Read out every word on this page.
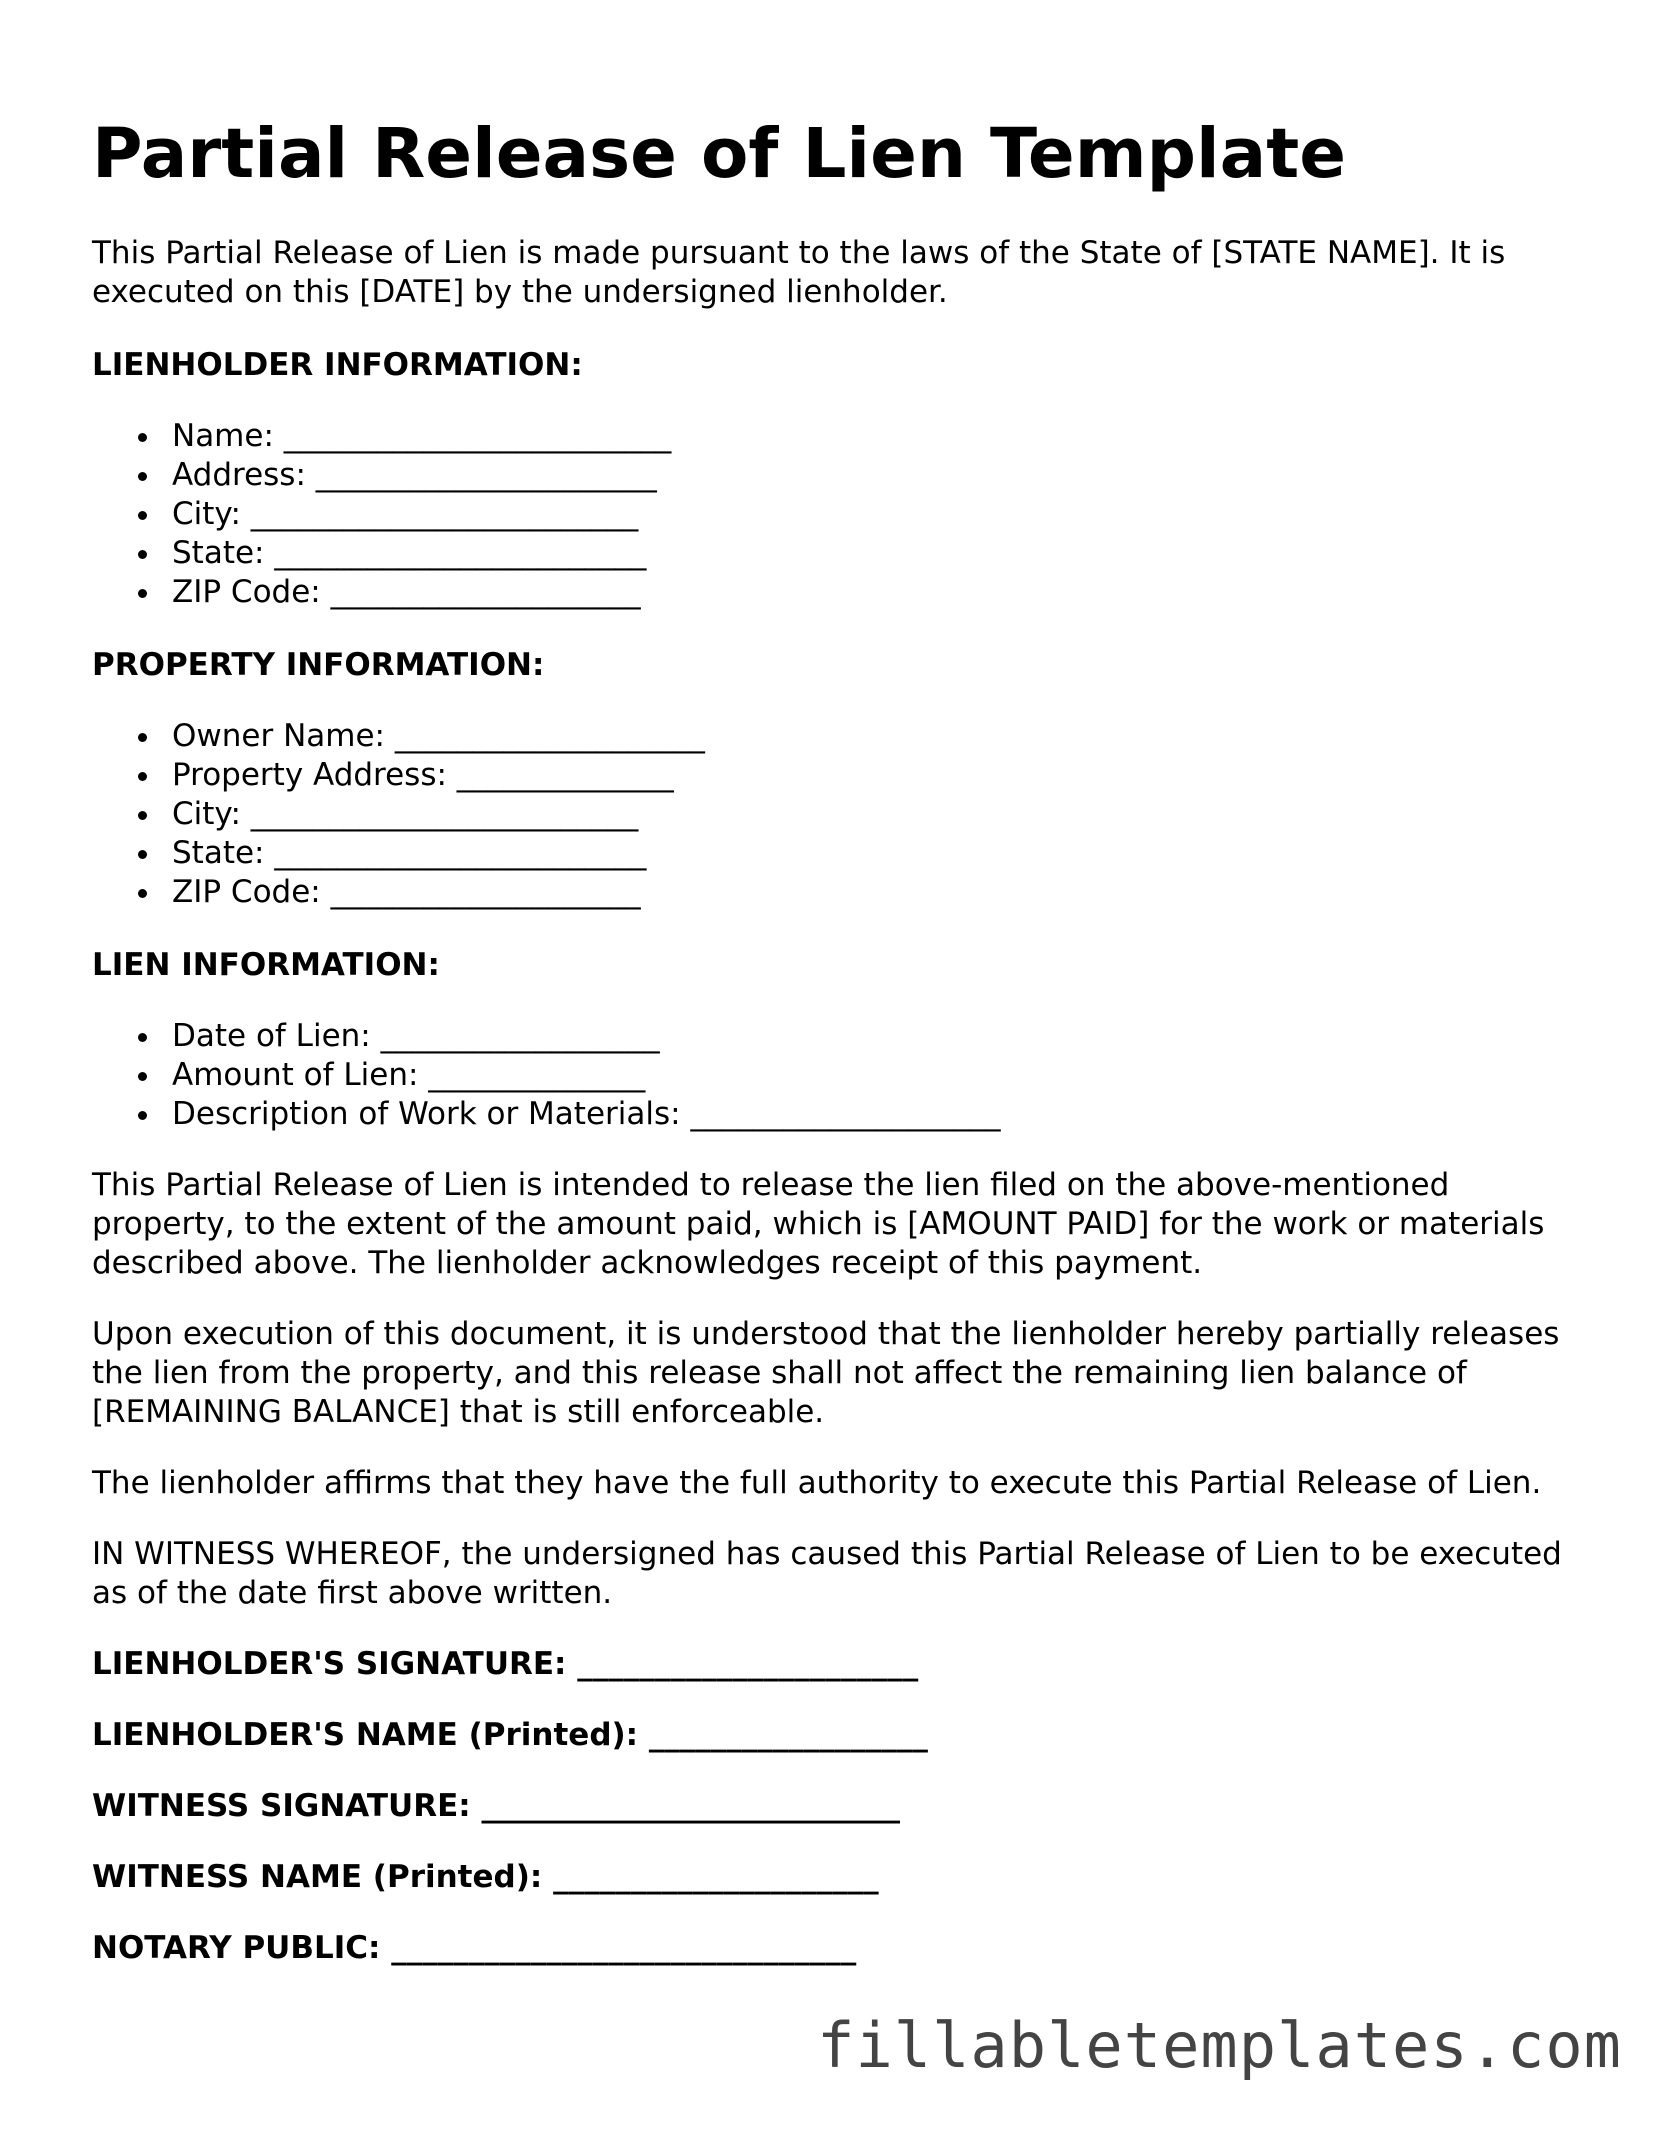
Partial Release of Lien Template

This Partial Release of Lien is made pursuant to the laws of the State of [STATE NAME]. It is executed on this [DATE] by the undersigned lienholder.

LIENHOLDER INFORMATION:
Name: _________________________
Address: ______________________
City: _________________________
State: ________________________
ZIP Code: ____________________
PROPERTY INFORMATION:
Owner Name: ____________________
Property Address: ______________
City: _________________________
State: ________________________
ZIP Code: ____________________
LIEN INFORMATION:
Date of Lien: __________________
Amount of Lien: ______________
Description of Work or Materials: ____________________

This Partial Release of Lien is intended to release the lien filed on the above-mentioned property, to the extent of the amount paid, which is [AMOUNT PAID] for the work or materials described above. The lienholder acknowledges receipt of this payment.

Upon execution of this document, it is understood that the lienholder hereby partially releases the lien from the property, and this release shall not affect the remaining lien balance of [REMAINING BALANCE] that is still enforceable.

The lienholder affirms that they have the full authority to execute this Partial Release of Lien.

IN WITNESS WHEREOF, the undersigned has caused this Partial Release of Lien to be executed as of the date first above written.

LIENHOLDER'S SIGNATURE: ______________________
LIENHOLDER'S NAME (Printed): __________________
WITNESS SIGNATURE: ___________________________
WITNESS NAME (Printed): _____________________
NOTARY PUBLIC: ______________________________
fillabletemplates.com
